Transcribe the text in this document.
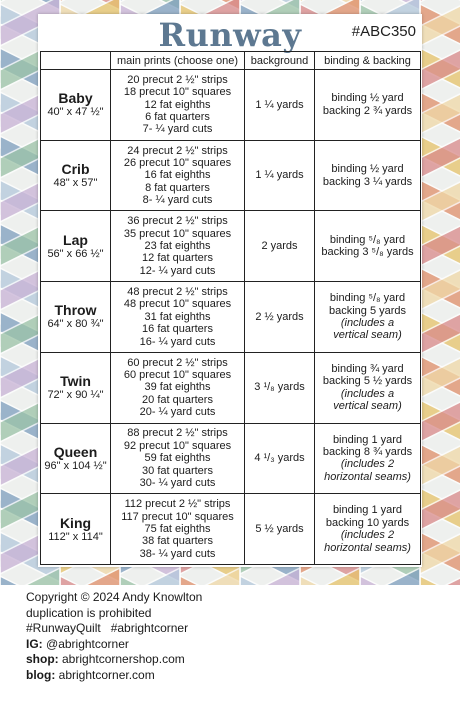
Runway	#ABC350
	main prints (choose one)	background	binding & backing

Baby
40" x 47 ½"	20 precut 2 ½" strips
18 precut 10" squares
12 fat eighths
6 fat quarters
7- ¼ yard cuts	1 ¼ yards	binding ½ yard
backing 2 ¾ yards

Crib
48" x 57"	24 precut 2 ½" strips
26 precut 10" squares
16 fat eighths
8 fat quarters
8- ¼ yard cuts	1 ¼ yards	binding ½ yard
backing 3 ¼ yards

Lap
56" x 66 ½"	36 precut 2 ½" strips
35 precut 10" squares
23 fat eighths
12 fat quarters
12- ¼ yard cuts	2 yards	binding ⁵/₈ yard
backing 3 ⁵/₈ yards

Throw
64" x 80 ¾"	48 precut 2 ½" strips
48 precut 10" squares
31 fat eighths
16 fat quarters
16- ¼ yard cuts	2 ½ yards	binding ⁵/₈ yard
backing 5 yards
(includes a
vertical seam)

Twin
72" x 90 ¼"	60 precut 2 ½" strips
60 precut 10" squares
39 fat eighths
20 fat quarters
20- ¼ yard cuts	3 ¹/₈ yards	binding ¾ yard
backing 5 ½ yards
(includes a
vertical seam)

Queen
96" x 104 ½"	88 precut 2 ½" strips
92 precut 10" squares
59 fat eighths
30 fat quarters
30- ¼ yard cuts	4 ¹/₃ yards	binding 1 yard
backing 8 ¾ yards
(includes 2
horizontal seams)

King
112" x 114"	112 precut 2 ½" strips
117 precut 10" squares
75 fat eighths
38 fat quarters
38- ¼ yard cuts	5 ½ yards	binding 1 yard
backing 10 yards
(includes 2
horizontal seams)
Copyright © 2024 Andy Knowlton
duplication is prohibited
#RunwayQuilt   #abrightcorner
IG: @abrightcorner
shop: abrightcornershop.com
blog: abrightcorner.com
